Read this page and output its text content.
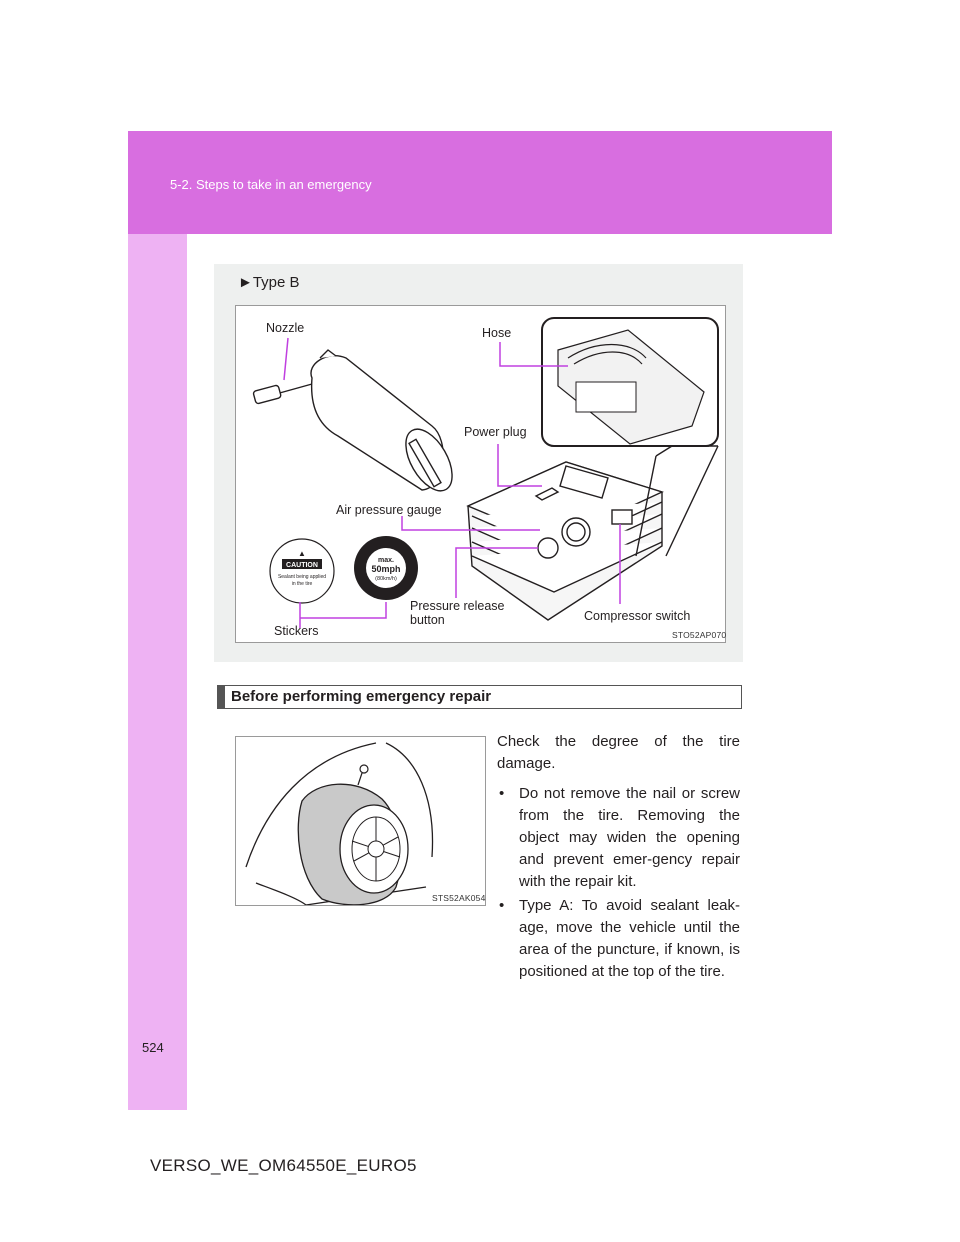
5-2. Steps to take in an emergency
►Type B
▲
CAUTION
Sealant being applied
in the tire
max.
50mph
(80km/h)
Nozzle	Hose
Power plug
Air pressure gauge
Pressure release
button	Compressor switch
Stickers	STO52AP070
Before performing emergency repair
STS52AK054

Check the degree of the tire damage.

• Do not remove the nail or screw from the tire. Removing the object may widen the opening and prevent emer-gency repair with the repair kit.
• Type A: To avoid sealant leak-age, move the vehicle until the area of the puncture, if known, is positioned at the top of the tire.
524
VERSO_WE_OM64550E_EURO5
